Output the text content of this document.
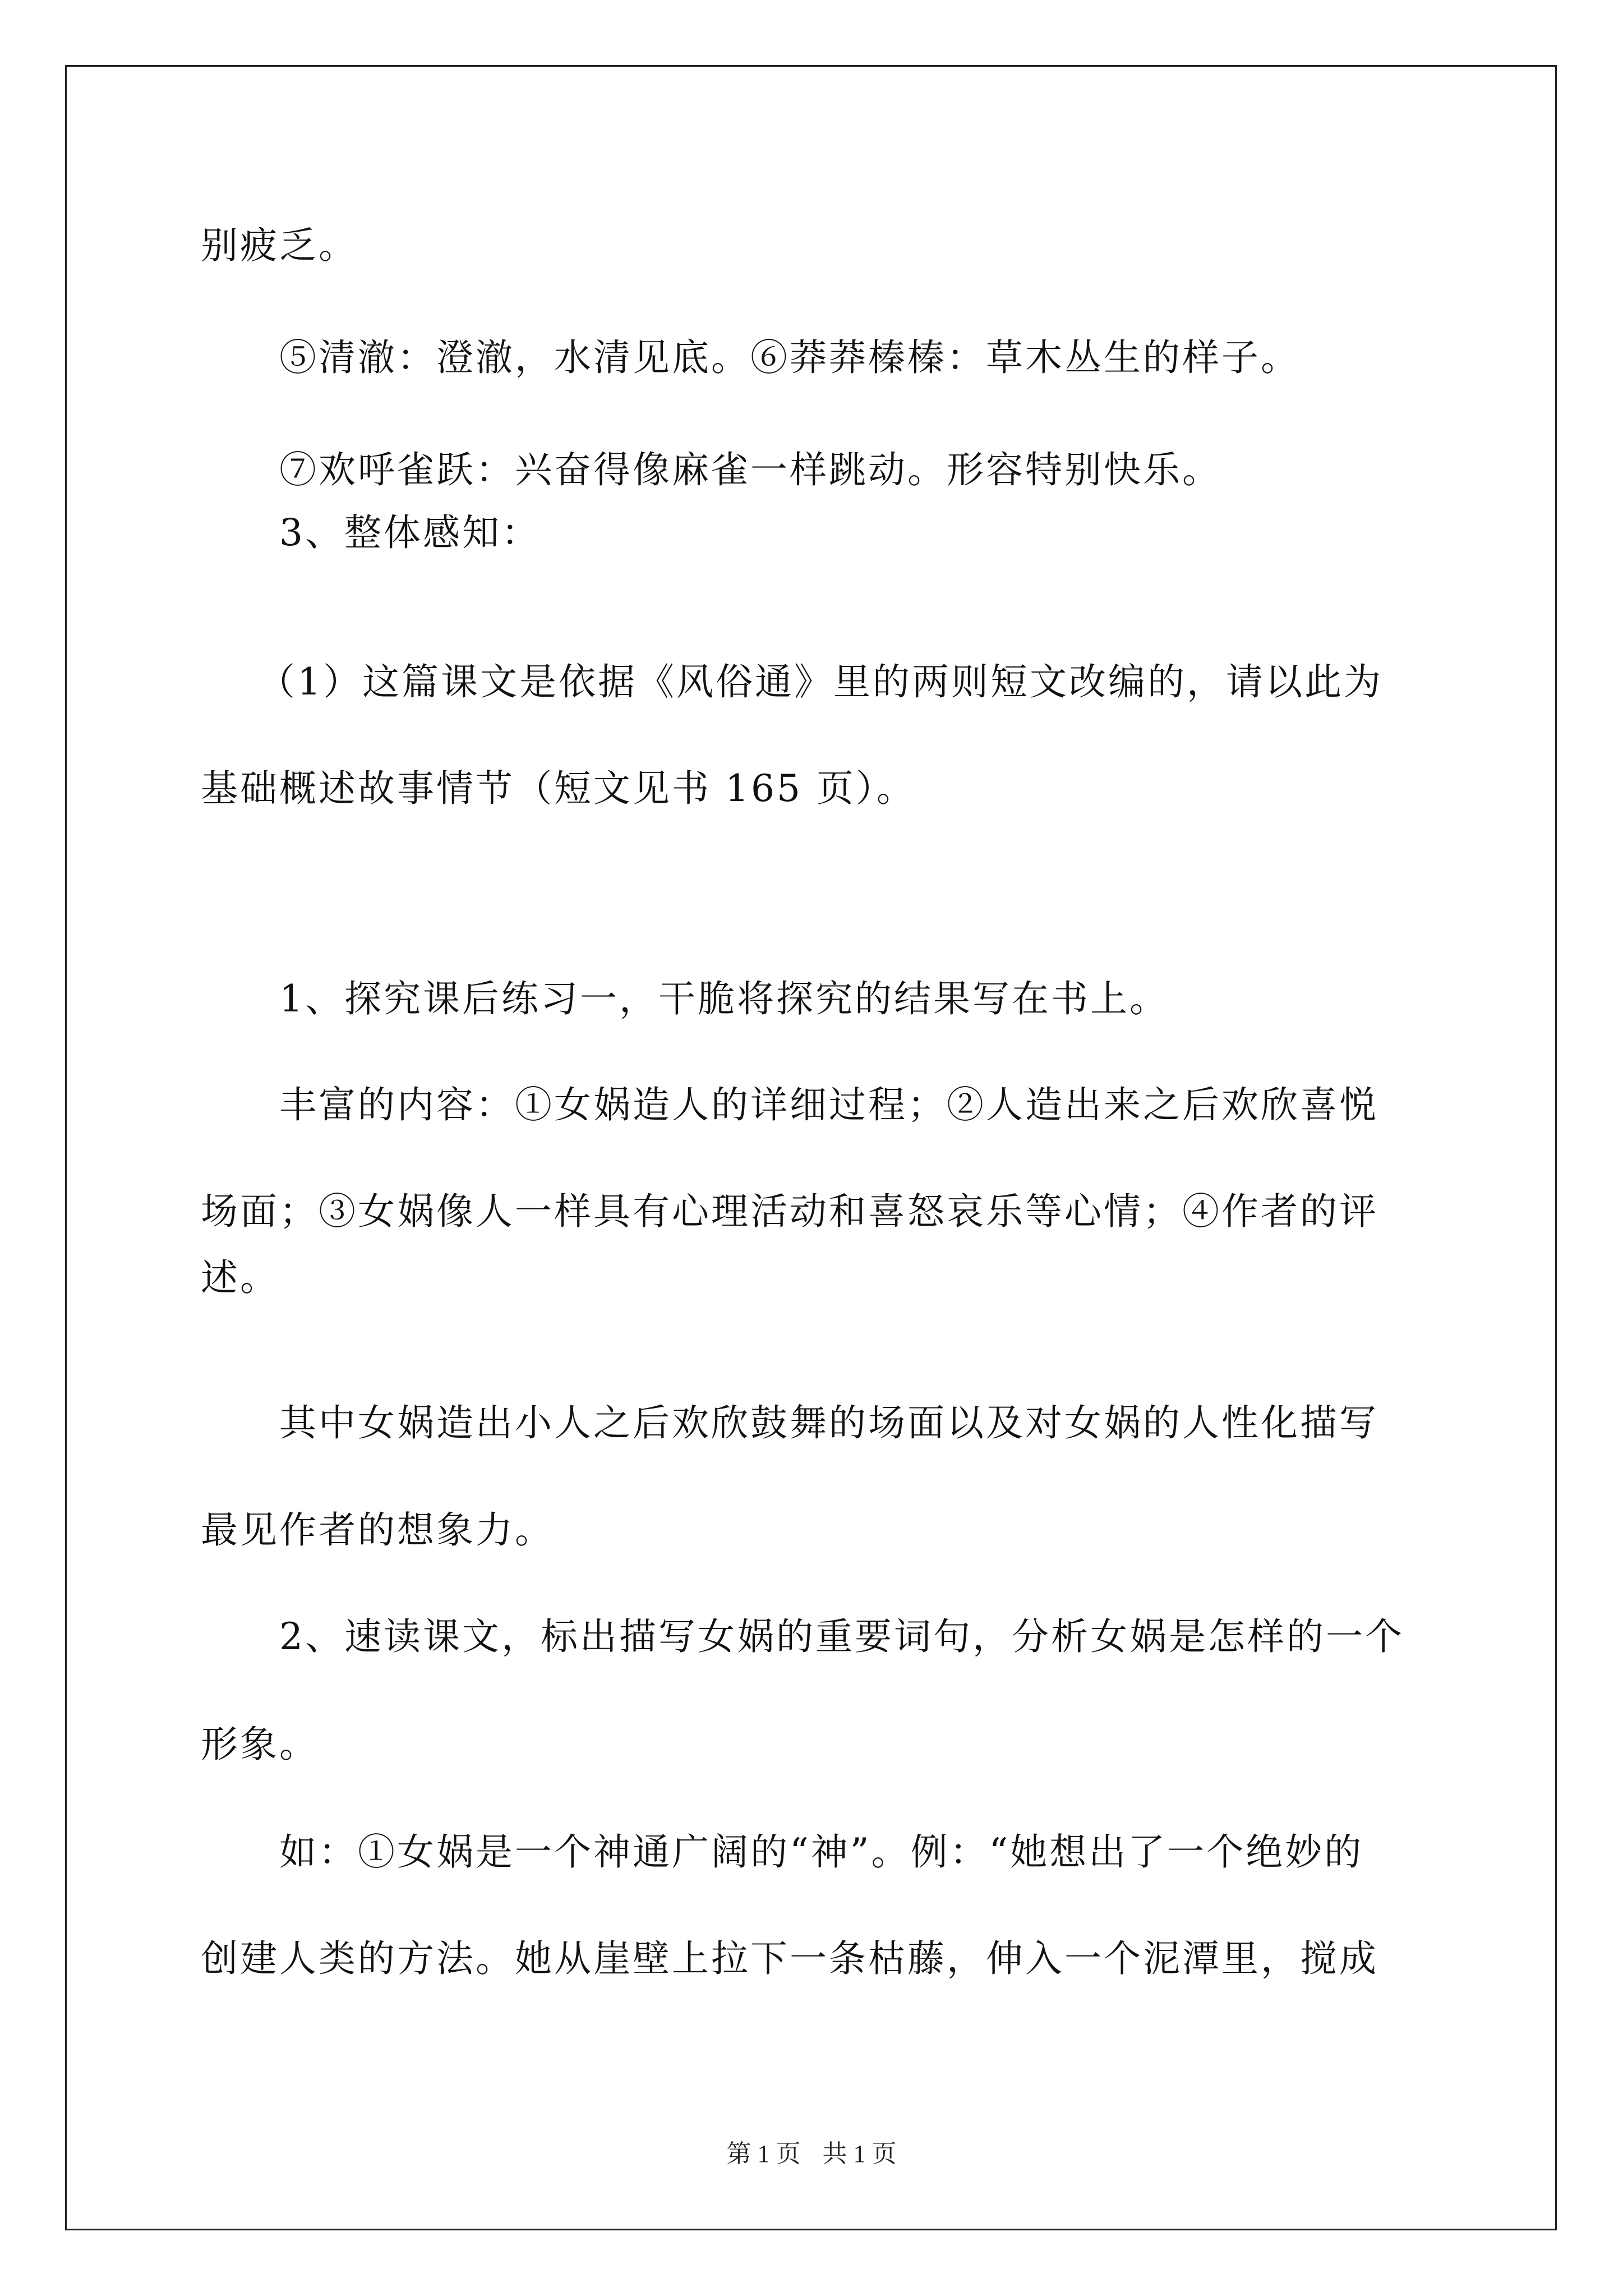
别疲乏。
⑤清澈：澄澈，水清见底。⑥莽莽榛榛：草木丛生的样子。
⑦欢呼雀跃：兴奋得像麻雀一样跳动。形容特别快乐。
3、整体感知：
（1）这篇课文是依据《风俗通》里的两则短文改编的，请以此为
基础概述故事情节（短文见书 165 页）。
1、探究课后练习一，干脆将探究的结果写在书上。
丰富的内容：①女娲造人的详细过程；②人造出来之后欢欣喜悦
场面；③女娲像人一样具有心理活动和喜怒哀乐等心情；④作者的评
述。
其中女娲造出小人之后欢欣鼓舞的场面以及对女娲的人性化描写
最见作者的想象力。
2、速读课文，标出描写女娲的重要词句，分析女娲是怎样的一个
形象。
如：①女娲是一个神通广阔的“神”。例：“她想出了一个绝妙的
创建人类的方法。她从崖壁上拉下一条枯藤，伸入一个泥潭里，搅成
第 1 页 共 1 页
